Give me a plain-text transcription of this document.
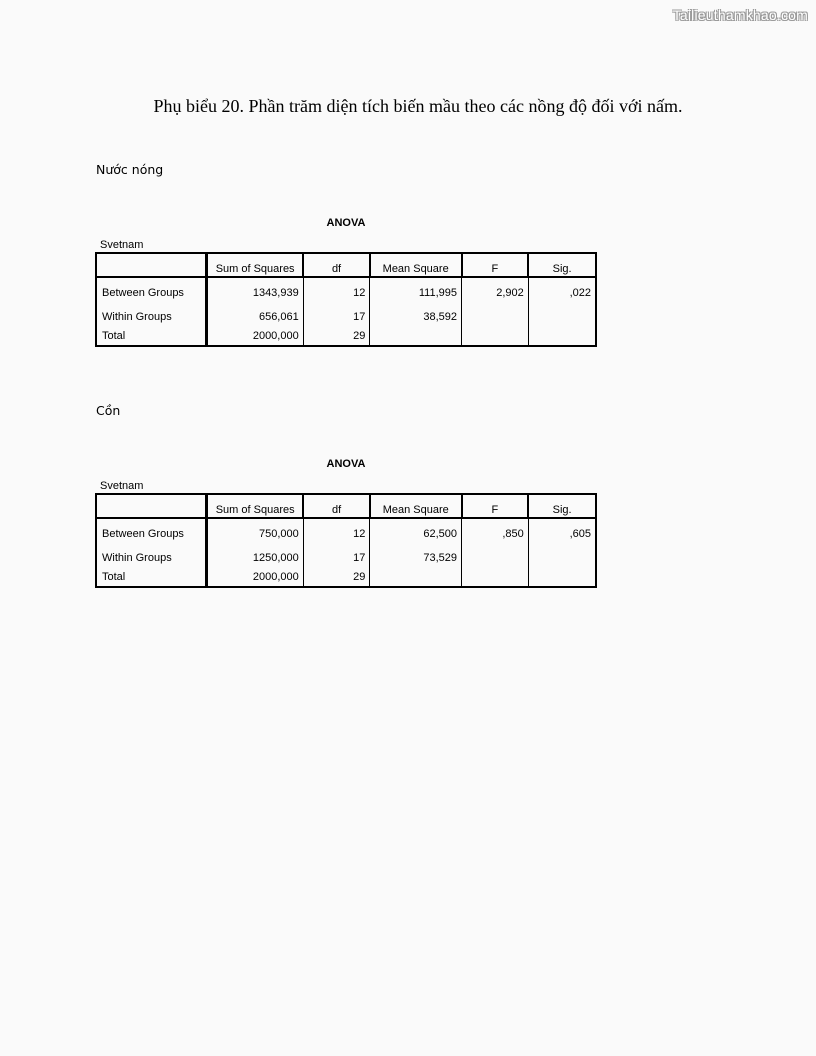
Tailieuthamkhao.com
Phụ biểu 20. Phần trăm diện tích biến mầu theo các nồng độ đối với nấm.
Nước nóng
ANOVA
Svetnam
	Sum of Squares	df	Mean Square	F	Sig.
Between Groups	1343,939	12	111,995	2,902	,022
Within Groups	656,061	17	38,592		
Total	2000,000	29			
Cồn
ANOVA
Svetnam
	Sum of Squares	df	Mean Square	F	Sig.
Between Groups	750,000	12	62,500	,850	,605
Within Groups	1250,000	17	73,529		
Total	2000,000	29			
